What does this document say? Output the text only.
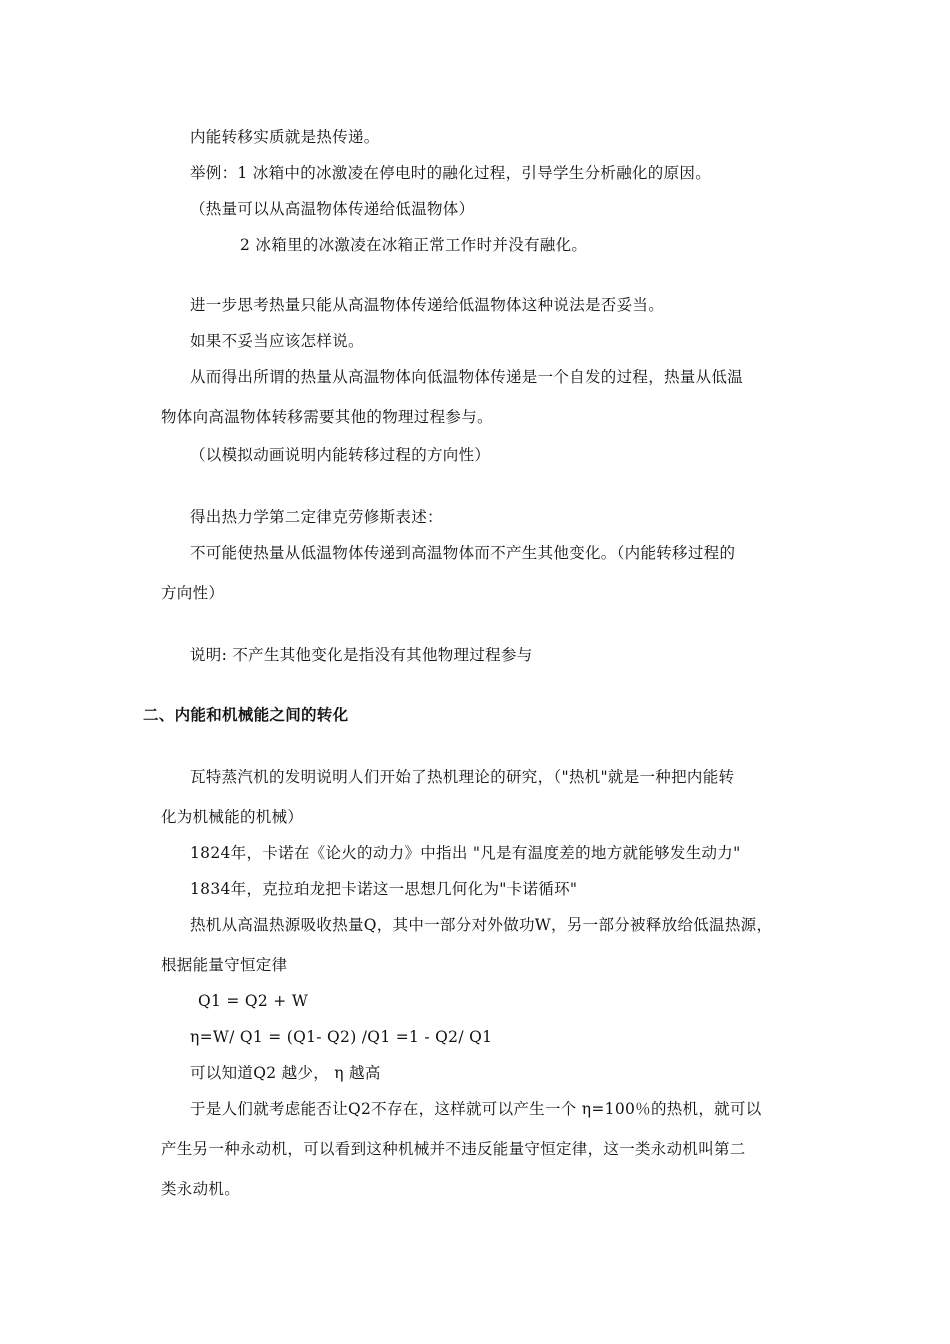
内能转移实质就是热传递。
举例：1 冰箱中的冰激凌在停电时的融化过程，引导学生分析融化的原因。
（热量可以从高温物体传递给低温物体）
2 冰箱里的冰激凌在冰箱正常工作时并没有融化。
进一步思考热量只能从高温物体传递给低温物体这种说法是否妥当。
如果不妥当应该怎样说。
从而得出所谓的热量从高温物体向低温物体传递是一个自发的过程，热量从低温
物体向高温物体转移需要其他的物理过程参与。
（以模拟动画说明内能转移过程的方向性）
得出热力学第二定律克劳修斯表述：
不可能使热量从低温物体传递到高温物体而不产生其他变化。（内能转移过程的
方向性）
说明: 不产生其他变化是指没有其他物理过程参与
二、内能和机械能之间的转化
瓦特蒸汽机的发明说明人们开始了热机理论的研究，（"热机"就是一种把内能转
化为机械能的机械）
1824年，卡诺在《论火的动力》中指出 "凡是有温度差的地方就能够发生动力"
1834年，克拉珀龙把卡诺这一思想几何化为"卡诺循环"
热机从高温热源吸收热量Q，其中一部分对外做功W，另一部分被释放给低温热源，
根据能量守恒定律
Q1 = Q2 + W
η=W/ Q1 = (Q1- Q2) /Q1 =1 - Q2/ Q1
可以知道Q2 越少， η 越高
于是人们就考虑能否让Q2不存在，这样就可以产生一个 η=100％的热机，就可以
产生另一种永动机，可以看到这种机械并不违反能量守恒定律，这一类永动机叫第二
类永动机。
